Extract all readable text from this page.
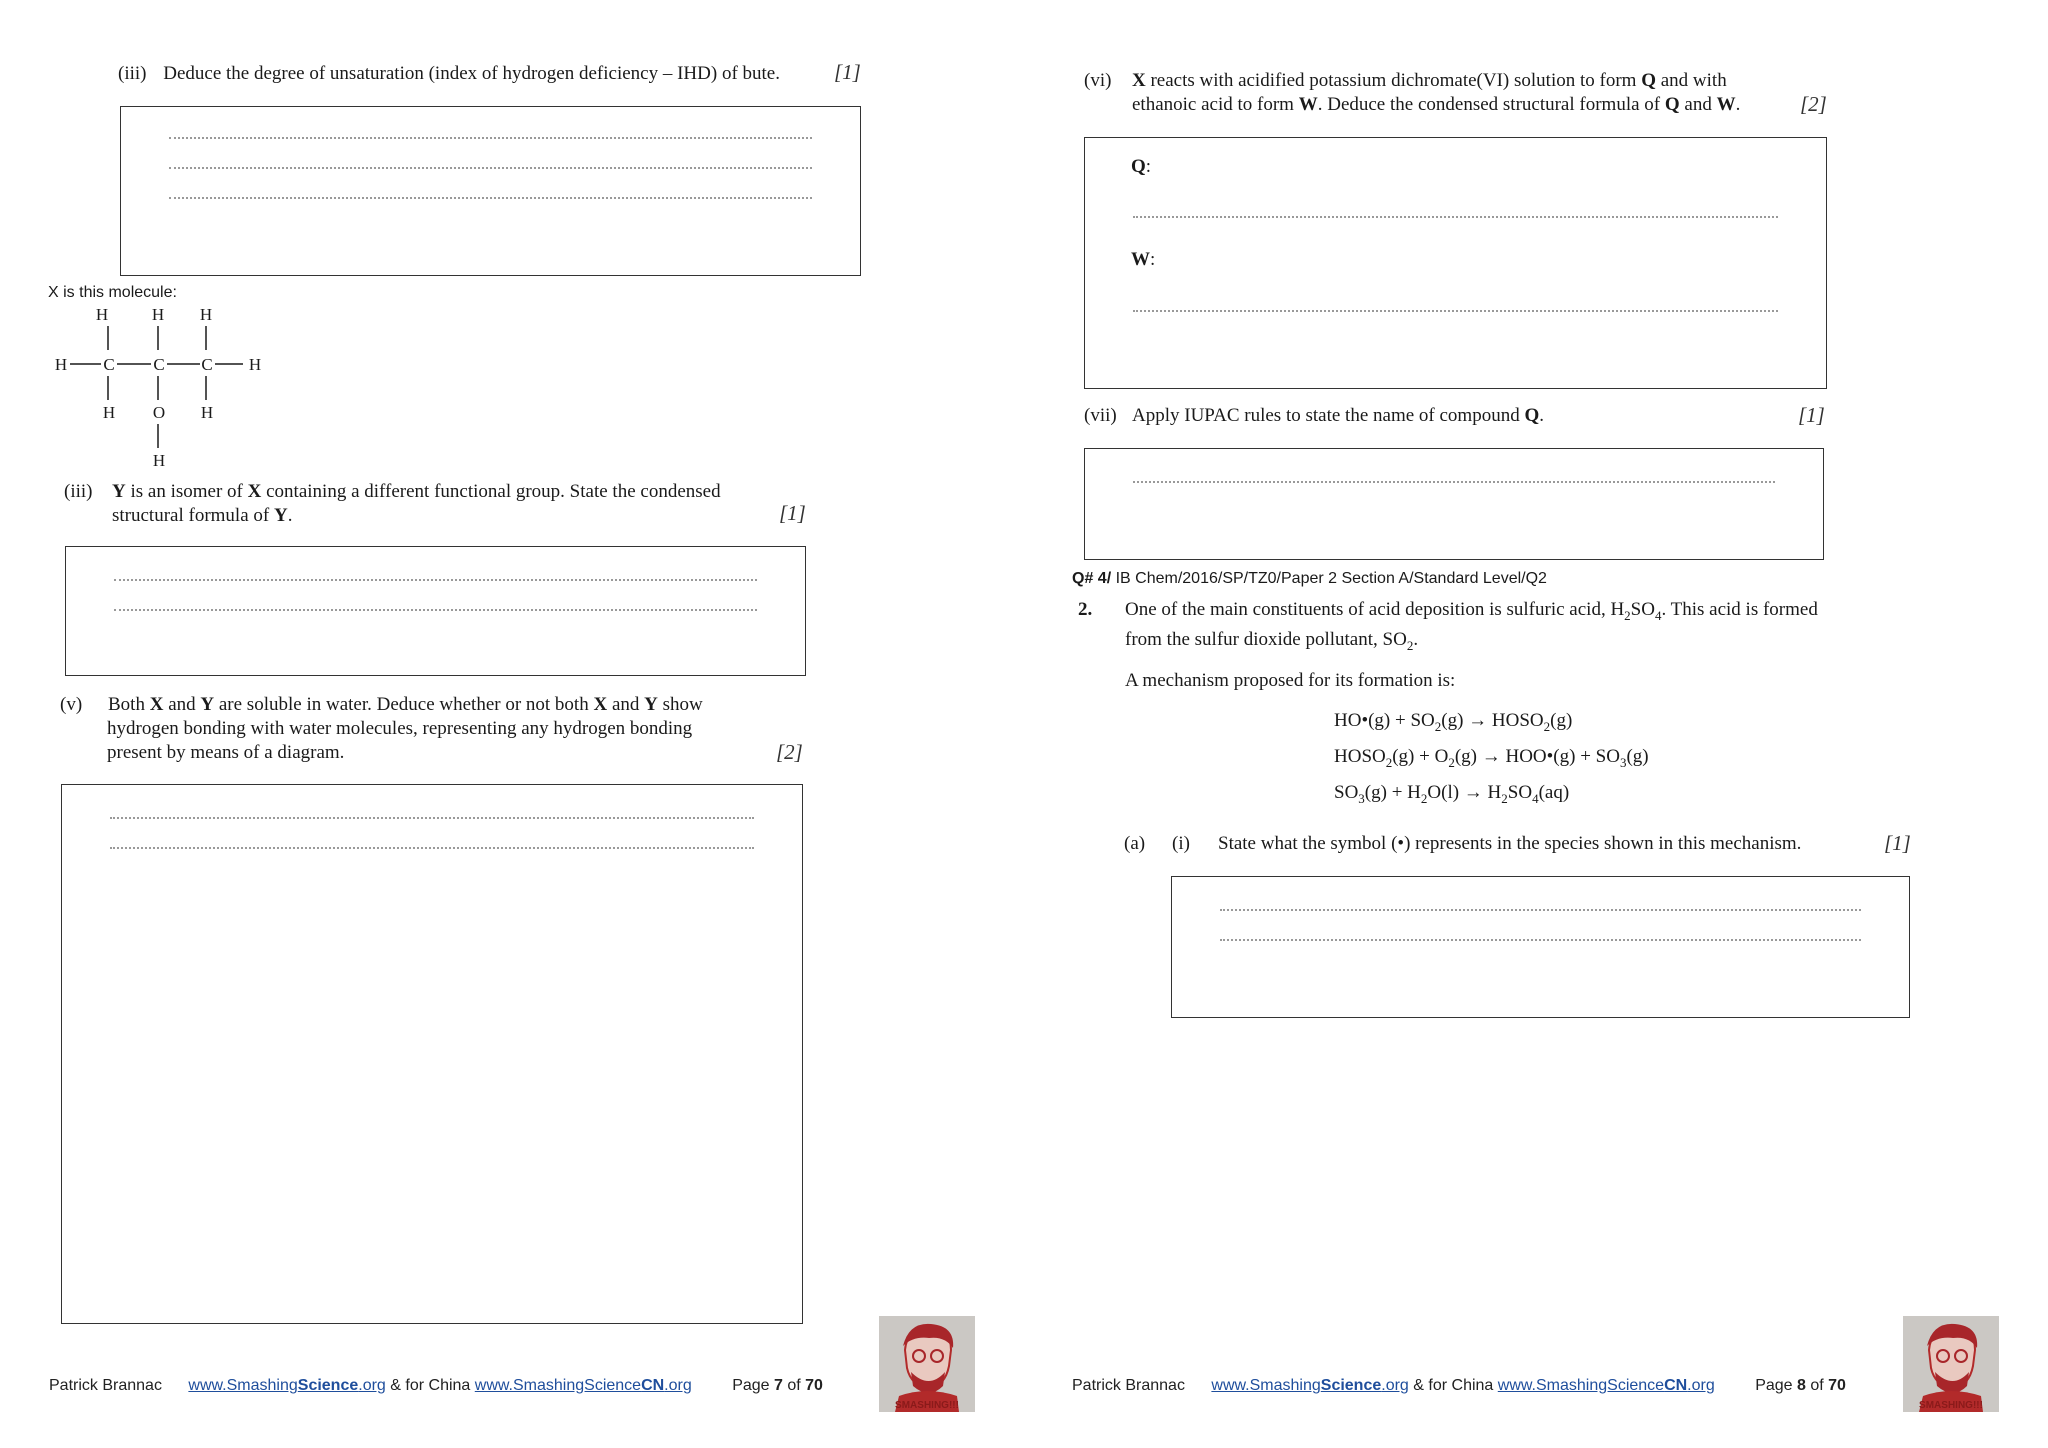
(iii) Deduce the degree of unsaturation (index of hydrogen deficiency – IHD) of bute.	[1]
X is this molecule:
H	H H
H C C C H
H O H
H
(iii) Y is an isomer of X containing a different functional group. State the condensed
structural formula of Y.	[1]
(v) Both X and Y are soluble in water. Deduce whether or not both X and Y show
hydrogen bonding with water molecules, representing any hydrogen bonding
present by means of a diagram.	[2]
Patrick Brannac www.SmashingScience.org & for China www.SmashingScienceCN.org	Page 7 of 70
SMASHING!!!
(vi) X reacts with acidified potassium dichromate(VI) solution to form Q and with
ethanoic acid to form W. Deduce the condensed structural formula of Q and W.	[2]
Q:
W:
(vii) Apply IUPAC rules to state the name of compound Q.	[1]
Q# 4/ IB Chem/2016/SP/TZ0/Paper 2 Section A/Standard Level/Q2
2. One of the main constituents of acid deposition is sulfuric acid, $H_2SO_4$. This acid is formed
from the sulfur dioxide pollutant, $SO_2$.
A mechanism proposed for its formation is:
HO•(g) + $SO_2(g)$ → $HOSO_2(g)$
$HOSO_2(g) + O_2(g)$ → HOO•(g) + $SO_3(g)$
$SO_3(g) + H_2O(l) \to H_2SO_4(aq)$
(a) (i) State what the symbol (•) represents in the species shown in this mechanism.	[1]
Patrick Brannac www.SmashingScience.org & for China www.SmashingScienceCN.org	Page 8 of 70
SMASHING!!!
